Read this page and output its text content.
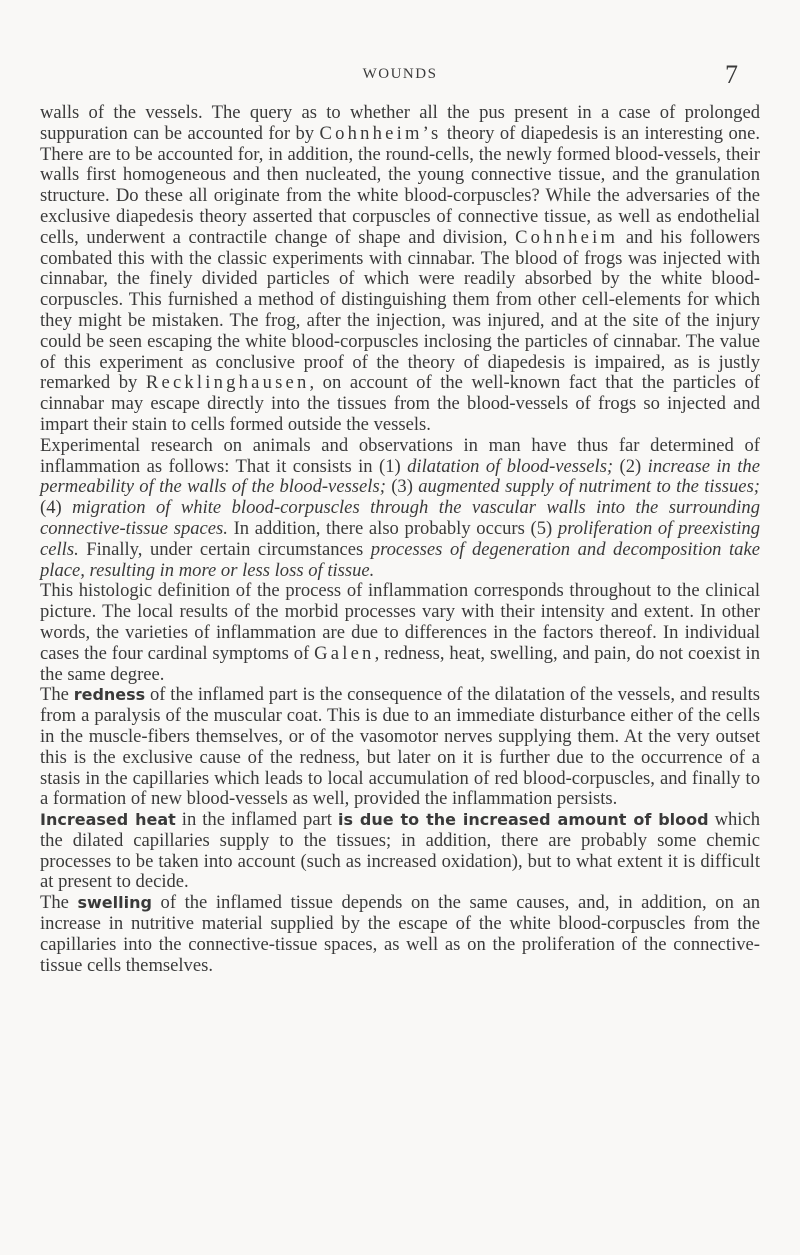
WOUNDS	7

walls of the vessels. The query as to whether all the pus present in a case of prolonged suppuration can be accounted for by Cohnheim’s theory of diapedesis is an interesting one. There are to be accounted for, in addition, the round-cells, the newly formed blood-vessels, their walls first homogeneous and then nucleated, the young connective tissue, and the granulation structure. Do these all originate from the white blood-corpuscles? While the adversaries of the exclusive diapedesis theory asserted that corpuscles of connective tissue, as well as endothelial cells, underwent a contractile change of shape and division, Cohnheim and his followers combated this with the classic experiments with cinnabar. The blood of frogs was injected with cinnabar, the finely divided particles of which were readily absorbed by the white blood-corpuscles. This furnished a method of distinguishing them from other cell-elements for which they might be mistaken. The frog, after the injection, was injured, and at the site of the injury could be seen escaping the white blood-corpuscles inclosing the particles of cinnabar. The value of this experiment as conclusive proof of the theory of diapedesis is impaired, as is justly remarked by Recklinghausen, on account of the well-known fact that the particles of cinnabar may escape directly into the tissues from the blood-vessels of frogs so injected and impart their stain to cells formed outside the vessels.

Experimental research on animals and observations in man have thus far determined of inflammation as follows: That it consists in (1) dilatation of blood-vessels; (2) increase in the permeability of the walls of the blood-vessels; (3) augmented supply of nutriment to the tissues; (4) migration of white blood-corpuscles through the vascular walls into the surrounding connective-tissue spaces. In addition, there also probably occurs (5) proliferation of preexisting cells. Finally, under certain circumstances processes of degeneration and decomposition take place, resulting in more or less loss of tissue.

This histologic definition of the process of inflammation corresponds throughout to the clinical picture. The local results of the morbid processes vary with their intensity and extent. In other words, the varieties of inflammation are due to differences in the factors thereof. In individual cases the four cardinal symptoms of Galen, redness, heat, swelling, and pain, do not coexist in the same degree.

The redness of the inflamed part is the consequence of the dilatation of the vessels, and results from a paralysis of the muscular coat. This is due to an immediate disturbance either of the cells in the muscle-fibers themselves, or of the vasomotor nerves supplying them. At the very outset this is the exclusive cause of the redness, but later on it is further due to the occurrence of a stasis in the capillaries which leads to local accumulation of red blood-corpuscles, and finally to a formation of new blood-vessels as well, provided the inflammation persists.

Increased heat in the inflamed part is due to the increased amount of blood which the dilated capillaries supply to the tissues; in addition, there are probably some chemic processes to be taken into account (such as increased oxidation), but to what extent it is difficult at present to decide.

The swelling of the inflamed tissue depends on the same causes, and, in addition, on an increase in nutritive material supplied by the escape of the white blood-corpuscles from the capillaries into the connective-tissue spaces, as well as on the proliferation of the connective-tissue cells themselves.
